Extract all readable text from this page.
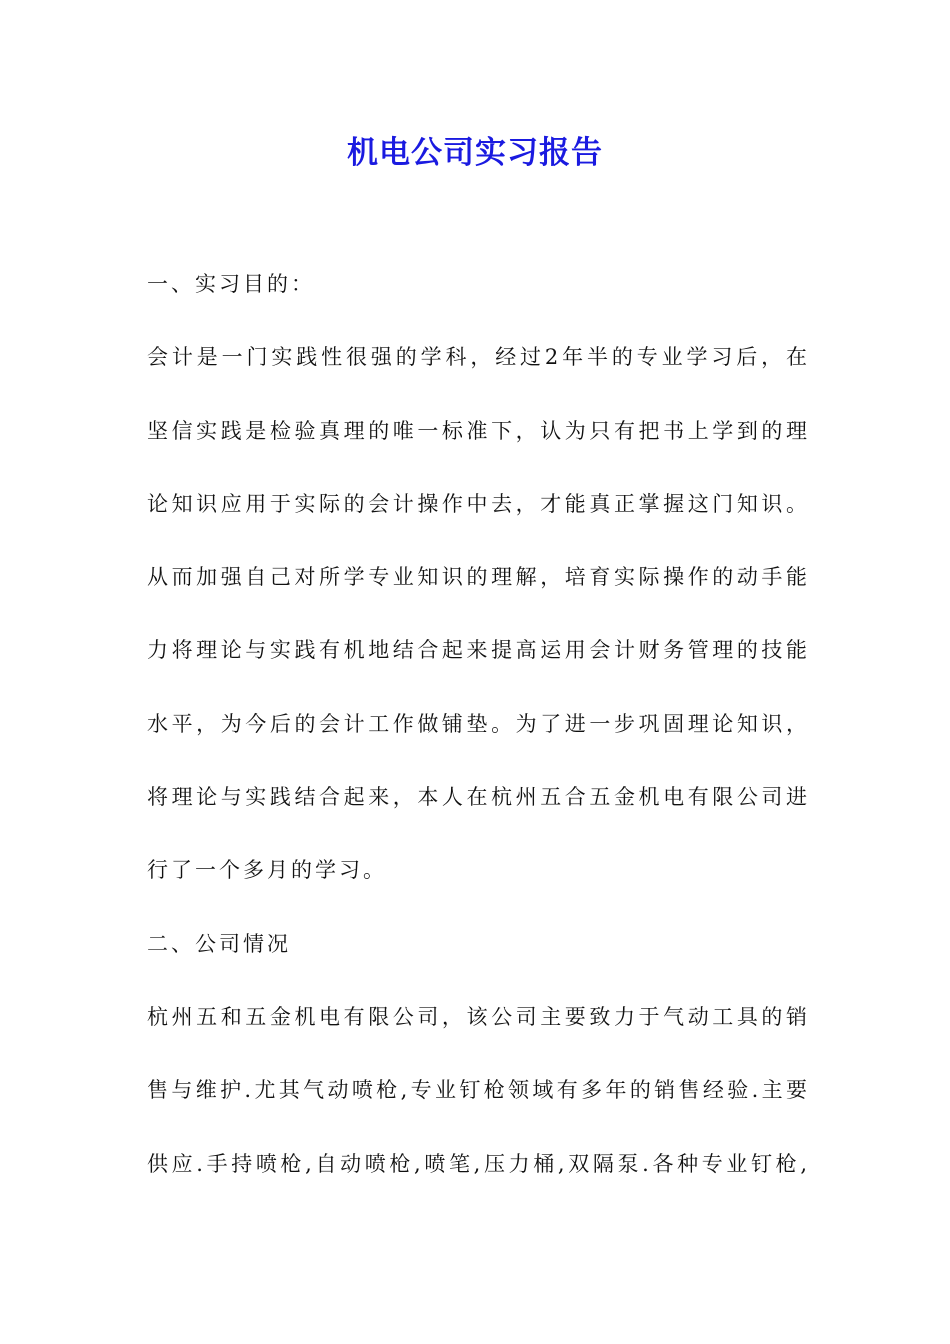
机电公司实习报告
一、实习目的：
会计是一门实践性很强的学科，经过2年半的专业学习后，在
坚信实践是检验真理的唯一标准下，认为只有把书上学到的理
论知识应用于实际的会计操作中去，才能真正掌握这门知识。
从而加强自己对所学专业知识的理解，培育实际操作的动手能
力将理论与实践有机地结合起来提高运用会计财务管理的技能
水平，为今后的会计工作做铺垫。为了进一步巩固理论知识，
将理论与实践结合起来，本人在杭州五合五金机电有限公司进
行了一个多月的学习。
二、公司情况
杭州五和五金机电有限公司，该公司主要致力于气动工具的销
售与维护.尤其气动喷枪,专业钉枪领域有多年的销售经验.主要
供应.手持喷枪,自动喷枪,喷笔,压力桶,双隔泵.各种专业钉枪,
